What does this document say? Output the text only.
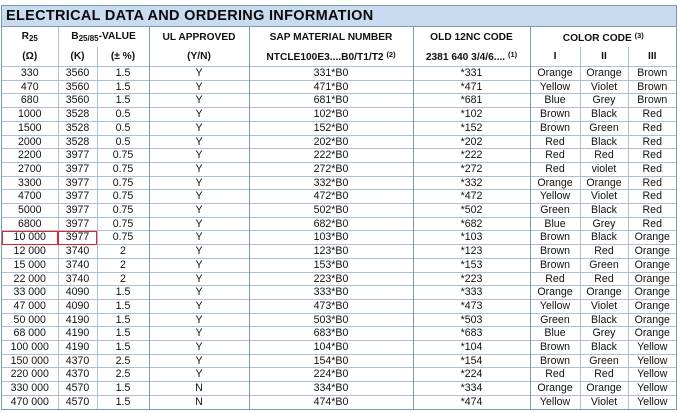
ELECTRICAL DATA AND ORDERING INFORMATION
$R_{25}$	$B_{25/85}$-VALUE		UL APPROVED	SAP MATERIAL NUMBER	OLD 12NC CODE	COLOR CODE $^{(3)}$
(Ω)	(K)	(± %)	(Y/N)	NTCLE100E3....B0/T1/T2 $^{(2)}$	2381 640 3/4/6.... $^{(1)}$	I	II	III
330	3560	1.5	Y	331*B0	*331	Orange	Orange	Brown
470	3560	1.5	Y	471*B0	*471	Yellow	Violet	Brown
680	3560	1.5	Y	681*B0	*681	Blue	Grey	Brown
1000	3528	0.5	Y	102*B0	*102	Brown	Black	Red
1500	3528	0.5	Y	152*B0	*152	Brown	Green	Red
2000	3528	0.5	Y	202*B0	*202	Red	Black	Red
2200	3977	0.75	Y	222*B0	*222	Red	Red	Red
2700	3977	0.75	Y	272*B0	*272	Red	violet	Red
3300	3977	0.75	Y	332*B0	*332	Orange	Orange	Red
4700	3977	0.75	Y	472*B0	*472	Yellow	Violet	Red
5000	3977	0.75	Y	502*B0	*502	Green	Black	Red
6800	3977	0.75	Y	682*B0	*682	Blue	Grey	Red
10 000	3977	0.75	Y	103*B0	*103	Brown	Black	Orange
12 000	3740	2	Y	123*B0	*123	Brown	Red	Orange
15 000	3740	2	Y	153*B0	*153	Brown	Green	Orange
22 000	3740	2	Y	223*B0	*223	Red	Red	Orange
33 000	4090	1.5	Y	333*B0	*333	Orange	Orange	Orange
47 000	4090	1.5	Y	473*B0	*473	Yellow	Violet	Orange
50 000	4190	1.5	Y	503*B0	*503	Green	Black	Orange
68 000	4190	1.5	Y	683*B0	*683	Blue	Grey	Orange
100 000	4190	1.5	Y	104*B0	*104	Brown	Black	Yellow
150 000	4370	2.5	Y	154*B0	*154	Brown	Green	Yellow
220 000	4370	2.5	Y	224*B0	*224	Red	Red	Yellow
330 000	4570	1.5	N	334*B0	*334	Orange	Orange	Yellow
470 000	4570	1.5	N	474*B0	*474	Yellow	Violet	Yellow
